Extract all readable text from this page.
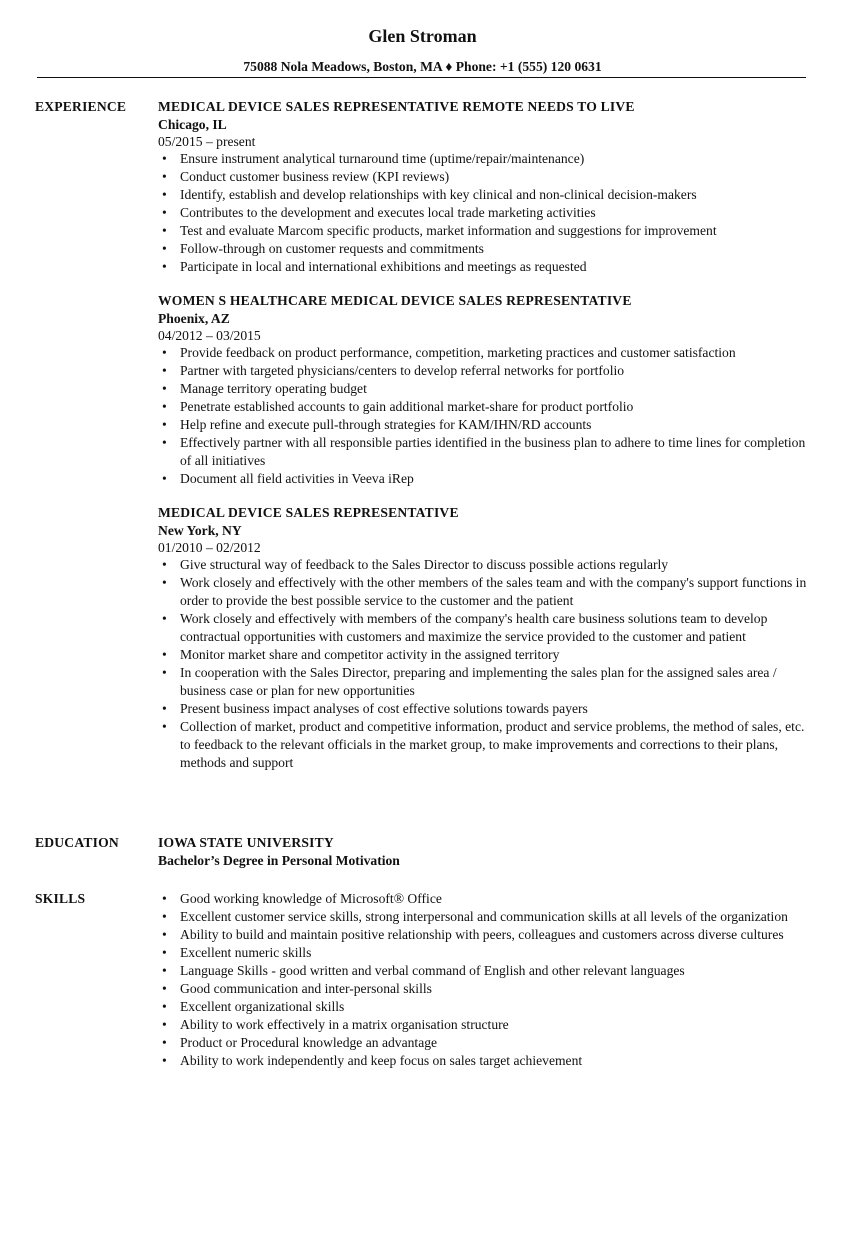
Glen Stroman
75088 Nola Meadows, Boston, MA ♦ Phone: +1 (555) 120 0631
EXPERIENCE MEDICAL DEVICE SALES REPRESENTATIVE REMOTE NEEDS TO LIVE
Chicago, IL
05/2015 – present
• Ensure instrument analytical turnaround time (uptime/repair/maintenance)
• Conduct customer business review (KPI reviews)
• Identify, establish and develop relationships with key clinical and non-clinical decision-makers
• Contributes to the development and executes local trade marketing activities
• Test and evaluate Marcom specific products, market information and suggestions for improvement
• Follow-through on customer requests and commitments
• Participate in local and international exhibitions and meetings as requested
WOMEN S HEALTHCARE MEDICAL DEVICE SALES REPRESENTATIVE
Phoenix, AZ
04/2012 – 03/2015
• Provide feedback on product performance, competition, marketing practices and customer satisfaction
• Partner with targeted physicians/centers to develop referral networks for portfolio
• Manage territory operating budget
• Penetrate established accounts to gain additional market-share for product portfolio
• Help refine and execute pull-through strategies for KAM/IHN/RD accounts
• Effectively partner with all responsible parties identified in the business plan to adhere to time lines for completion of all initiatives
• Document all field activities in Veeva iRep
MEDICAL DEVICE SALES REPRESENTATIVE
New York, NY
01/2010 – 02/2012
• Give structural way of feedback to the Sales Director to discuss possible actions regularly
• Work closely and effectively with the other members of the sales team and with the company's support functions in order to provide the best possible service to the customer and the patient
• Work closely and effectively with members of the company's health care business solutions team to develop contractual opportunities with customers and maximize the service provided to the customer and patient
• Monitor market share and competitor activity in the assigned territory
• In cooperation with the Sales Director, preparing and implementing the sales plan for the assigned sales area / business case or plan for new opportunities
• Present business impact analyses of cost effective solutions towards payers
• Collection of market, product and competitive information, product and service problems, the method of sales, etc. to feedback to the relevant officials in the market group, to make improvements and corrections to their plans, methods and support
EDUCATION	IOWA STATE UNIVERSITY
Bachelor’s Degree in Personal Motivation
SKILLS	• Good working knowledge of Microsoft® Office
• Excellent customer service skills, strong interpersonal and communication skills at all levels of the organization
• Ability to build and maintain positive relationship with peers, colleagues and customers across diverse cultures
• Excellent numeric skills
• Language Skills - good written and verbal command of English and other relevant languages
• Good communication and inter-personal skills
• Excellent organizational skills
• Ability to work effectively in a matrix organisation structure
• Product or Procedural knowledge an advantage
• Ability to work independently and keep focus on sales target achievement
